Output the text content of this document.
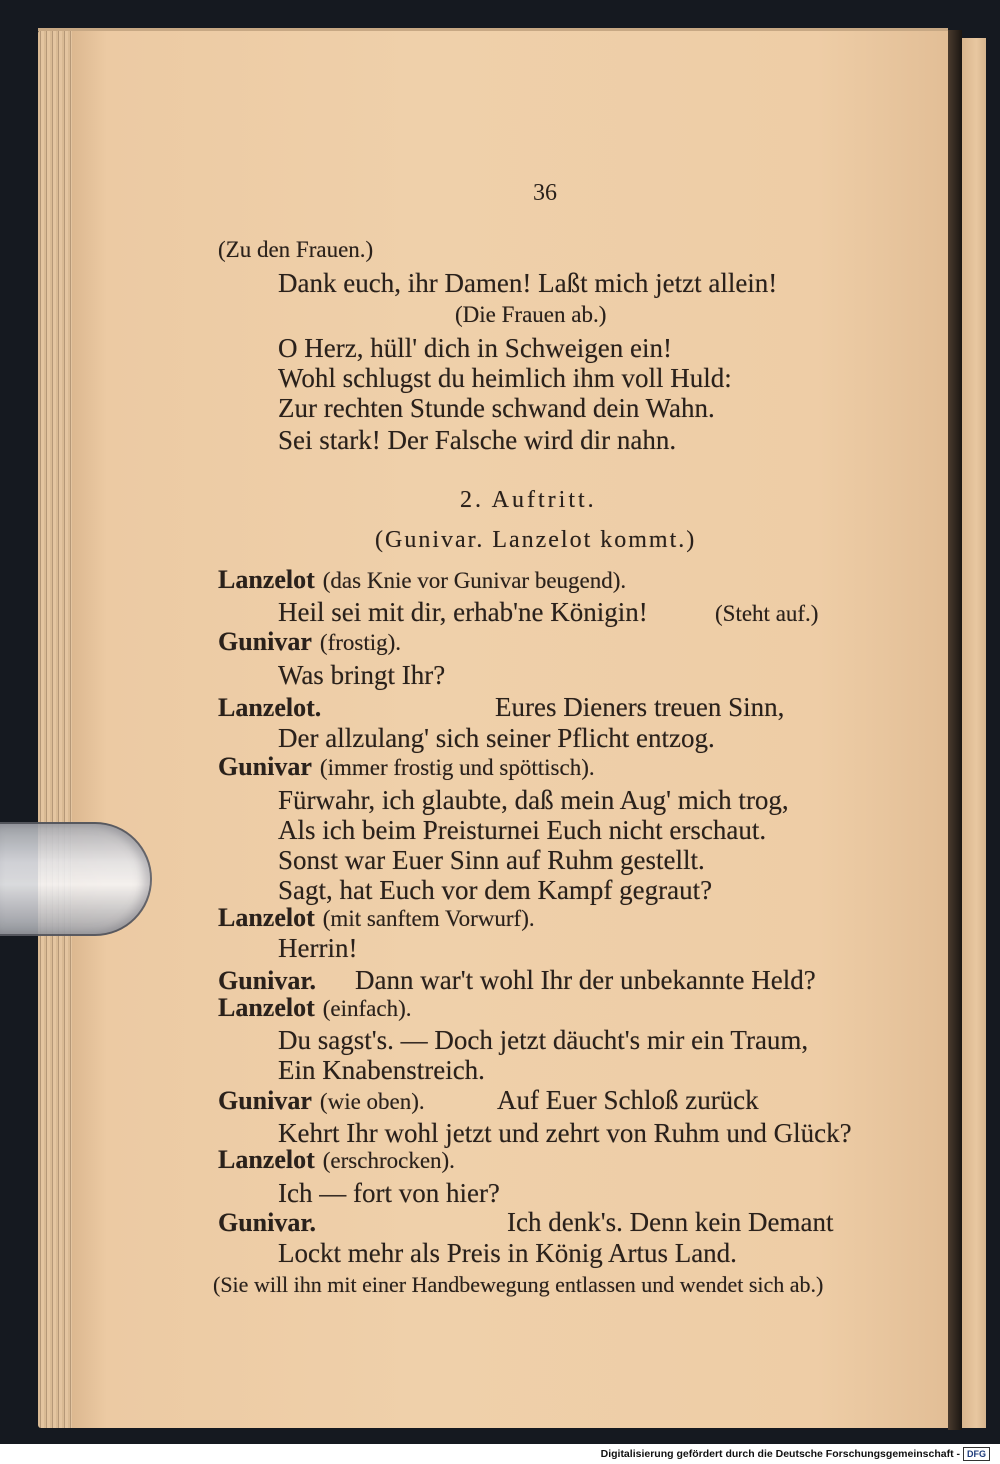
36
(Zu den Frauen.)
Dank euch, ihr Damen! Laßt mich jetzt allein!
(Die Frauen ab.)
O Herz, hüll' dich in Schweigen ein!
Wohl schlugst du heimlich ihm voll Huld:
Zur rechten Stunde schwand dein Wahn.
Sei stark! Der Falsche wird dir nahn.
2. Auftritt.
(Gunivar. Lanzelot kommt.)
Lanzelot (das Knie vor Gunivar beugend).
Heil sei mit dir, erhab'ne Königin!	(Steht auf.)
Gunivar (frostig).
Was bringt Ihr?
Lanzelot.	Eures Dieners treuen Sinn,
Der allzulang' sich seiner Pflicht entzog.
Gunivar (immer frostig und spöttisch).
Fürwahr, ich glaubte, daß mein Aug' mich trog,
Als ich beim Preisturnei Euch nicht erschaut.
Sonst war Euer Sinn auf Ruhm gestellt.
Sagt, hat Euch vor dem Kampf gegraut?
Lanzelot (mit sanftem Vorwurf).
Herrin!
Gunivar. Dann war't wohl Ihr der unbekannte Held?
Lanzelot (einfach).
Du sagst's. — Doch jetzt däucht's mir ein Traum,
Ein Knabenstreich.
Gunivar (wie oben).	Auf Euer Schloß zurück
Kehrt Ihr wohl jetzt und zehrt von Ruhm und Glück?
Lanzelot (erschrocken).
Ich — fort von hier?
Gunivar.	Ich denk's. Denn kein Demant
Lockt mehr als Preis in König Artus Land.
(Sie will ihn mit einer Handbewegung entlassen und wendet sich ab.)
Digitalisierung gefördert durch die Deutsche Forschungsgemeinschaft - DFG
